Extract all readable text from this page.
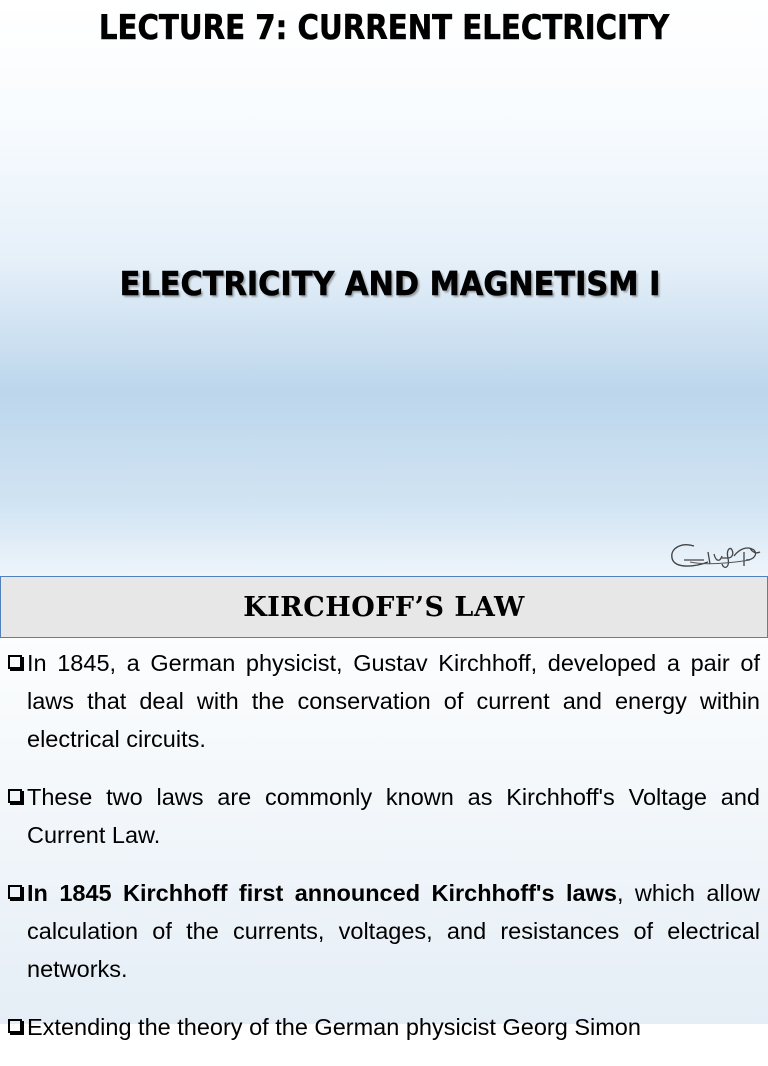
LECTURE 7: CURRENT ELECTRICITY
ELECTRICITY AND MAGNETISM I
KIRCHOFF’S LAW
In 1845, a German physicist, Gustav Kirchhoff, developed a pair of laws that deal with the conservation of current and energy within electrical circuits.
These two laws are commonly known as Kirchhoff's Voltage and Current Law.
In 1845 Kirchhoff first announced Kirchhoff's laws, which allow calculation of the currents, voltages, and resistances of electrical networks.
Extending the theory of the German physicist Georg Simon
